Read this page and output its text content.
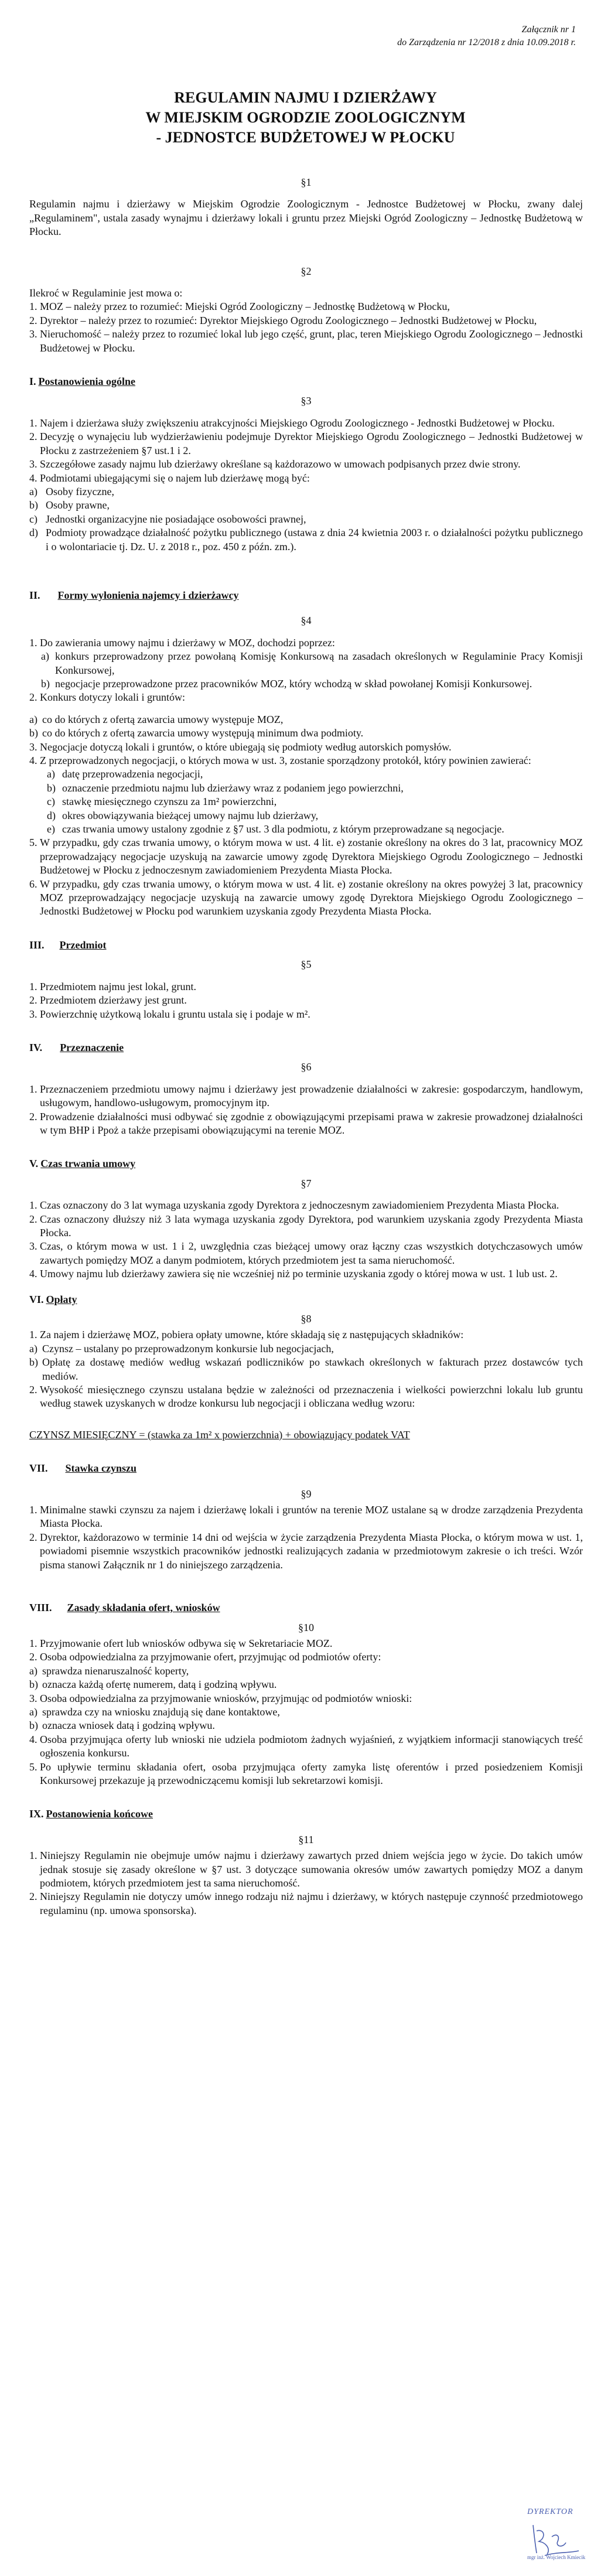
Załącznik nr 1
do Zarządzenia nr 12/2018 z dnia 10.09.2018 r.
REGULAMIN NAJMU I DZIERŻAWY
W MIEJSKIM OGRODZIE ZOOLOGICZNYM
- JEDNOSTCE BUDŻETOWEJ W PŁOCKU

§1

Regulamin najmu i dzierżawy w Miejskim Ogrodzie Zoologicznym - Jednostce Budżetowej w Płocku, zwany dalej „Regulaminem", ustala zasady wynajmu i dzierżawy lokali i gruntu przez Miejski Ogród Zoologiczny – Jednostkę Budżetową w Płocku.

§2

Ilekroć w Regulaminie jest mowa o:

1. MOZ – należy przez to rozumieć: Miejski Ogród Zoologiczny – Jednostkę Budżetową w Płocku,
2. Dyrektor – należy przez to rozumieć: Dyrektor Miejskiego Ogrodu Zoologicznego – Jednostki Budżetowej w Płocku,
3. Nieruchomość – należy przez to rozumieć lokal lub jego część, grunt, plac, teren Miejskiego Ogrodu Zoologicznego – Jednostki Budżetowej w Płocku.

I. Postanowienia ogólne

§3

1. Najem i dzierżawa służy zwiększeniu atrakcyjności Miejskiego Ogrodu Zoologicznego - Jednostki Budżetowej w Płocku.
2. Decyzję o wynajęciu lub wydzierżawieniu podejmuje Dyrektor Miejskiego Ogrodu Zoologicznego – Jednostki Budżetowej w Płocku z zastrzeżeniem §7 ust.1 i 2.
3. Szczegółowe zasady najmu lub dzierżawy określane są każdorazowo w umowach podpisanych przez dwie strony.
4. Podmiotami ubiegającymi się o najem lub dzierżawę mogą być:
a) Osoby fizyczne,
b) Osoby prawne,
c) Jednostki organizacyjne nie posiadające osobowości prawnej,
d) Podmioty prowadzące działalność pożytku publicznego (ustawa z dnia 24 kwietnia 2003 r. o działalności pożytku publicznego i o wolontariacie tj. Dz. U. z 2018 r., poz. 450 z późn. zm.).

II. Formy wyłonienia najemcy i dzierżawcy

§4

1. Do zawierania umowy najmu i dzierżawy w MOZ, dochodzi poprzez:
a) konkurs przeprowadzony przez powołaną Komisję Konkursową na zasadach określonych w Regulaminie Pracy Komisji Konkursowej,
b) negocjacje przeprowadzone przez pracowników MOZ, który wchodzą w skład powołanej Komisji Konkursowej.
2. Konkurs dotyczy lokali i gruntów:
a) co do których z ofertą zawarcia umowy występuje MOZ,
b) co do których z ofertą zawarcia umowy występują minimum dwa podmioty.
3. Negocjacje dotyczą lokali i gruntów, o które ubiegają się podmioty według autorskich pomysłów.
4. Z przeprowadzonych negocjacji, o których mowa w ust. 3, zostanie sporządzony protokół, który powinien zawierać:
a) datę przeprowadzenia negocjacji,
b) oznaczenie przedmiotu najmu lub dzierżawy wraz z podaniem jego powierzchni,
c) stawkę miesięcznego czynszu za 1m² powierzchni,
d) okres obowiązywania bieżącej umowy najmu lub dzierżawy,
e) czas trwania umowy ustalony zgodnie z §7 ust. 3 dla podmiotu, z którym przeprowadzane są negocjacje.
5. W przypadku, gdy czas trwania umowy, o którym mowa w ust. 4 lit. e) zostanie określony na okres do 3 lat, pracownicy MOZ przeprowadzający negocjacje uzyskują na zawarcie umowy zgodę Dyrektora Miejskiego Ogrodu Zoologicznego – Jednostki Budżetowej w Płocku z jednoczesnym zawiadomieniem Prezydenta Miasta Płocka.
6. W przypadku, gdy czas trwania umowy, o którym mowa w ust. 4 lit. e) zostanie określony na okres powyżej 3 lat, pracownicy MOZ przeprowadzający negocjacje uzyskują na zawarcie umowy zgodę Dyrektora Miejskiego Ogrodu Zoologicznego – Jednostki Budżetowej w Płocku pod warunkiem uzyskania zgody Prezydenta Miasta Płocka.

III. Przedmiot

§5

1. Przedmiotem najmu jest lokal, grunt.
2. Przedmiotem dzierżawy jest grunt.
3. Powierzchnię użytkową lokalu i gruntu ustala się i podaje w m².

IV. Przeznaczenie

§6

1. Przeznaczeniem przedmiotu umowy najmu i dzierżawy jest prowadzenie działalności w zakresie: gospodarczym, handlowym, usługowym, handlowo-usługowym, promocyjnym itp.
2. Prowadzenie działalności musi odbywać się zgodnie z obowiązującymi przepisami prawa w zakresie prowadzonej działalności w tym BHP i Ppoż a także przepisami obowiązującymi na terenie MOZ.

V. Czas trwania umowy

§7

1. Czas oznaczony do 3 lat wymaga uzyskania zgody Dyrektora z jednoczesnym zawiadomieniem Prezydenta Miasta Płocka.
2. Czas oznaczony dłuższy niż 3 lata wymaga uzyskania zgody Dyrektora, pod warunkiem uzyskania zgody Prezydenta Miasta Płocka.
3. Czas, o którym mowa w ust. 1 i 2, uwzględnia czas bieżącej umowy oraz łączny czas wszystkich dotychczasowych umów zawartych pomiędzy MOZ a danym podmiotem, których przedmiotem jest ta sama nieruchomość.
4. Umowy najmu lub dzierżawy zawiera się nie wcześniej niż po terminie uzyskania zgody o której mowa w ust. 1 lub ust. 2.

VI. Opłaty

§8

1. Za najem i dzierżawę MOZ, pobiera opłaty umowne, które składają się z następujących składników:
a) Czynsz – ustalany po przeprowadzonym konkursie lub negocjacjach,
b) Opłatę za dostawę mediów według wskazań podliczników po stawkach określonych w fakturach przez dostawców tych mediów.
2. Wysokość miesięcznego czynszu ustalana będzie w zależności od przeznaczenia i wielkości powierzchni lokalu lub gruntu według stawek uzyskanych w drodze konkursu lub negocjacji i obliczana według wzoru:

CZYNSZ MIESIĘCZNY = (stawka za 1m² x powierzchnia) + obowiązujący podatek VAT

VII. Stawka czynszu

§9

1. Minimalne stawki czynszu za najem i dzierżawę lokali i gruntów na terenie MOZ ustalane są w drodze zarządzenia Prezydenta Miasta Płocka.
2. Dyrektor, każdorazowo w terminie 14 dni od wejścia w życie zarządzenia Prezydenta Miasta Płocka, o którym mowa w ust. 1, powiadomi pisemnie wszystkich pracowników jednostki realizujących zadania w przedmiotowym zakresie o ich treści. Wzór pisma stanowi Załącznik nr 1 do niniejszego zarządzenia.

VIII. Zasady składania ofert, wniosków

§10

1. Przyjmowanie ofert lub wniosków odbywa się w Sekretariacie MOZ.
2. Osoba odpowiedzialna za przyjmowanie ofert, przyjmując od podmiotów oferty:
a) sprawdza nienaruszalność koperty,
b) oznacza każdą ofertę numerem, datą i godziną wpływu.
3. Osoba odpowiedzialna za przyjmowanie wniosków, przyjmując od podmiotów wnioski:
a) sprawdza czy na wniosku znajdują się dane kontaktowe,
b) oznacza wniosek datą i godziną wpływu.
4. Osoba przyjmująca oferty lub wnioski nie udziela podmiotom żadnych wyjaśnień, z wyjątkiem informacji stanowiących treść ogłoszenia konkursu.
5. Po upływie terminu składania ofert, osoba przyjmująca oferty zamyka listę oferentów i przed posiedzeniem Komisji Konkursowej przekazuje ją przewodniczącemu komisji lub sekretarzowi komisji.

IX. Postanowienia końcowe

§11

1. Niniejszy Regulamin nie obejmuje umów najmu i dzierżawy zawartych przed dniem wejścia jego w życie. Do takich umów jednak stosuje się zasady określone w §7 ust. 3 dotyczące sumowania okresów umów zawartych pomiędzy MOZ a danym podmiotem, których przedmiotem jest ta sama nieruchomość.
2. Niniejszy Regulamin nie dotyczy umów innego rodzaju niż najmu i dzierżawy, w których następuje czynność przedmiotowego regulaminu (np. umowa sponsorska).
DYREKTOR
mgr inż. Wojciech Kmiecik
